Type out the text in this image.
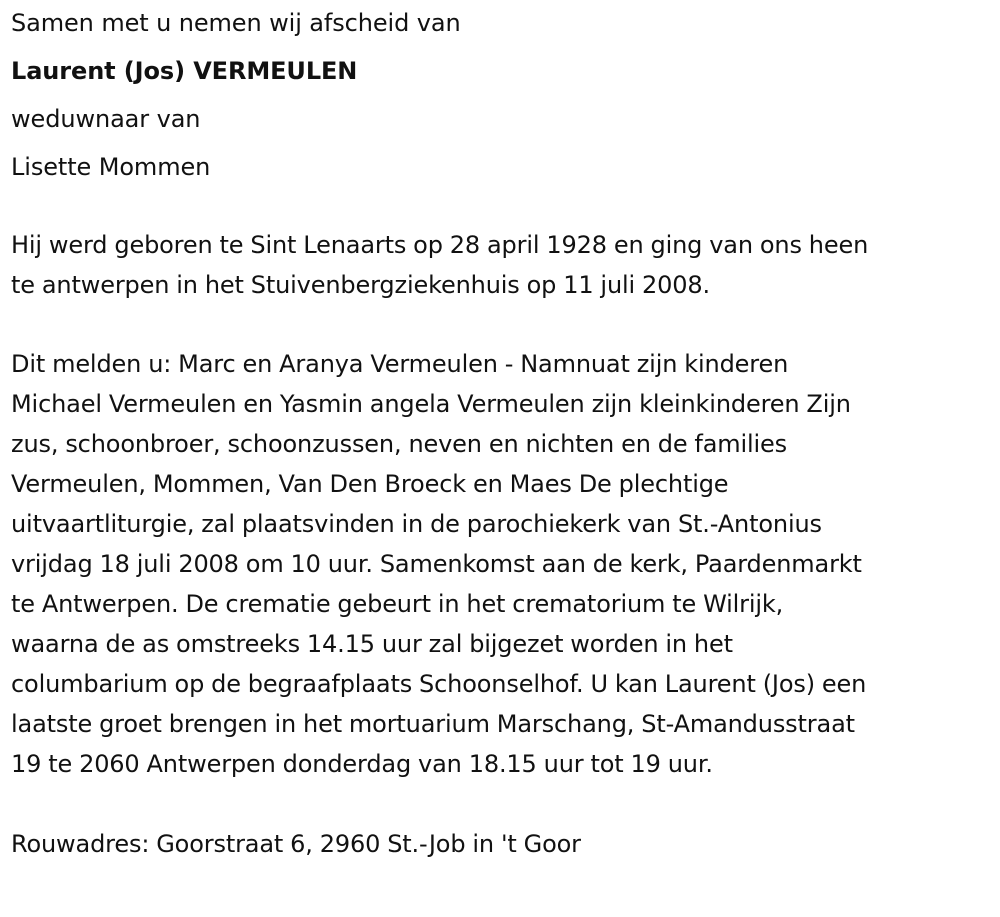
Samen met u nemen wij afscheid van
Laurent (Jos) VERMEULEN
weduwnaar van
Lisette Mommen
Hij werd geboren te Sint Lenaarts op 28 april 1928 en ging van ons heen
te antwerpen in het Stuivenbergziekenhuis op 11 juli 2008.
Dit melden u: Marc en Aranya Vermeulen - Namnuat zijn kinderen
Michael Vermeulen en Yasmin angela Vermeulen zijn kleinkinderen Zijn
zus, schoonbroer, schoonzussen, neven en nichten en de families
Vermeulen, Mommen, Van Den Broeck en Maes De plechtige
uitvaartliturgie, zal plaatsvinden in de parochiekerk van St.-Antonius
vrijdag 18 juli 2008 om 10 uur. Samenkomst aan de kerk, Paardenmarkt
te Antwerpen. De crematie gebeurt in het crematorium te Wilrijk,
waarna de as omstreeks 14.15 uur zal bijgezet worden in het
columbarium op de begraafplaats Schoonselhof. U kan Laurent (Jos) een
laatste groet brengen in het mortuarium Marschang, St-Amandusstraat
19 te 2060 Antwerpen donderdag van 18.15 uur tot 19 uur.
Rouwadres: Goorstraat 6, 2960 St.-Job in 't Goor
